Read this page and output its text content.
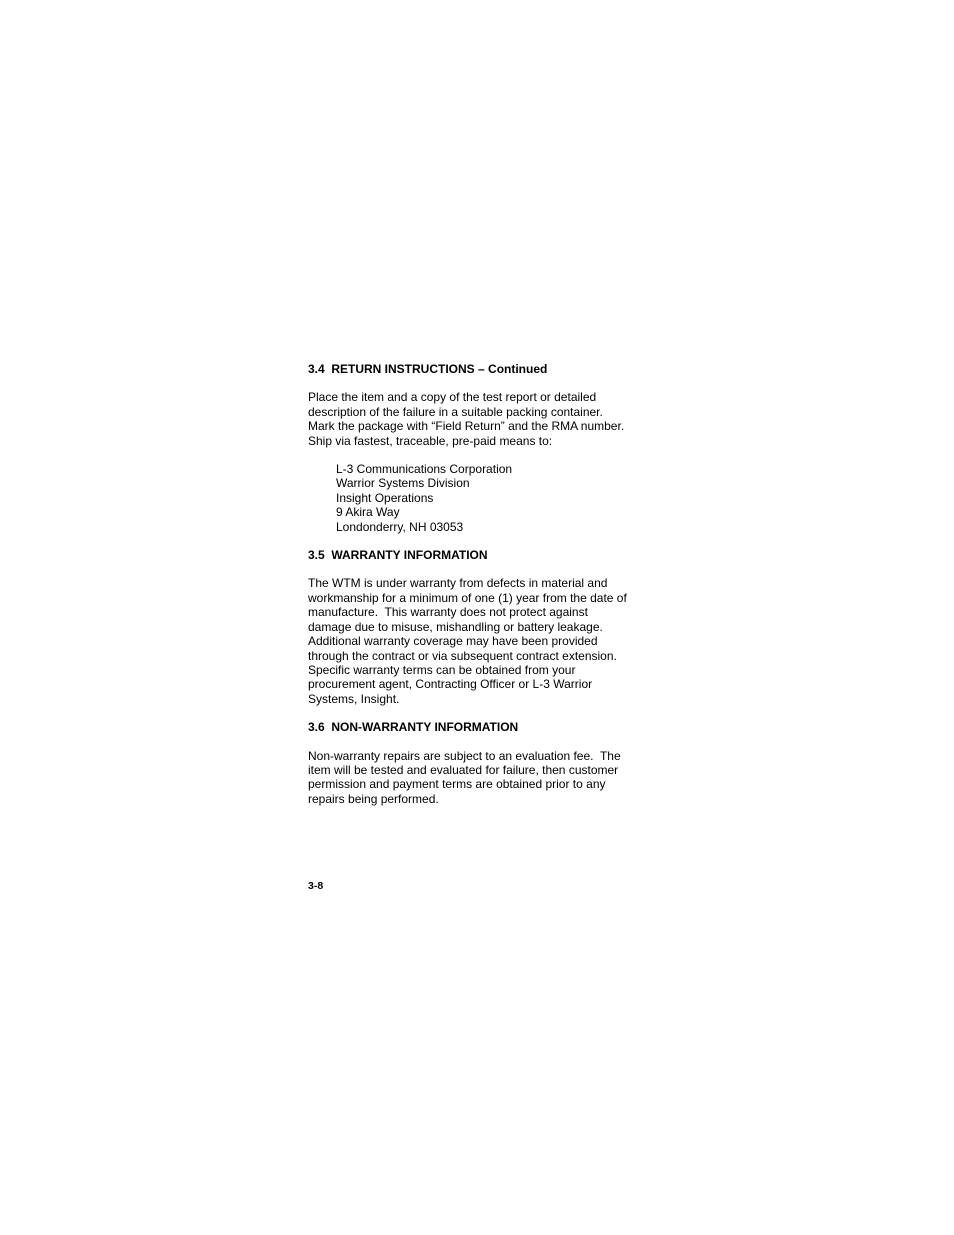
3.4  RETURN INSTRUCTIONS – Continued

Place the item and a copy of the test report or detailed
description of the failure in a suitable packing container.
Mark the package with “Field Return” and the RMA number.
Ship via fastest, traceable, pre-paid means to:

L-3 Communications Corporation
Warrior Systems Division
Insight Operations
9 Akira Way
Londonderry, NH 03053

3.5  WARRANTY INFORMATION

The WTM is under warranty from defects in material and
workmanship for a minimum of one (1) year from the date of
manufacture.  This warranty does not protect against
damage due to misuse, mishandling or battery leakage.
Additional warranty coverage may have been provided
through the contract or via subsequent contract extension.
Specific warranty terms can be obtained from your
procurement agent, Contracting Officer or L-3 Warrior
Systems, Insight.

3.6  NON-WARRANTY INFORMATION

Non-warranty repairs are subject to an evaluation fee.  The
item will be tested and evaluated for failure, then customer
permission and payment terms are obtained prior to any
repairs being performed.

3-8
